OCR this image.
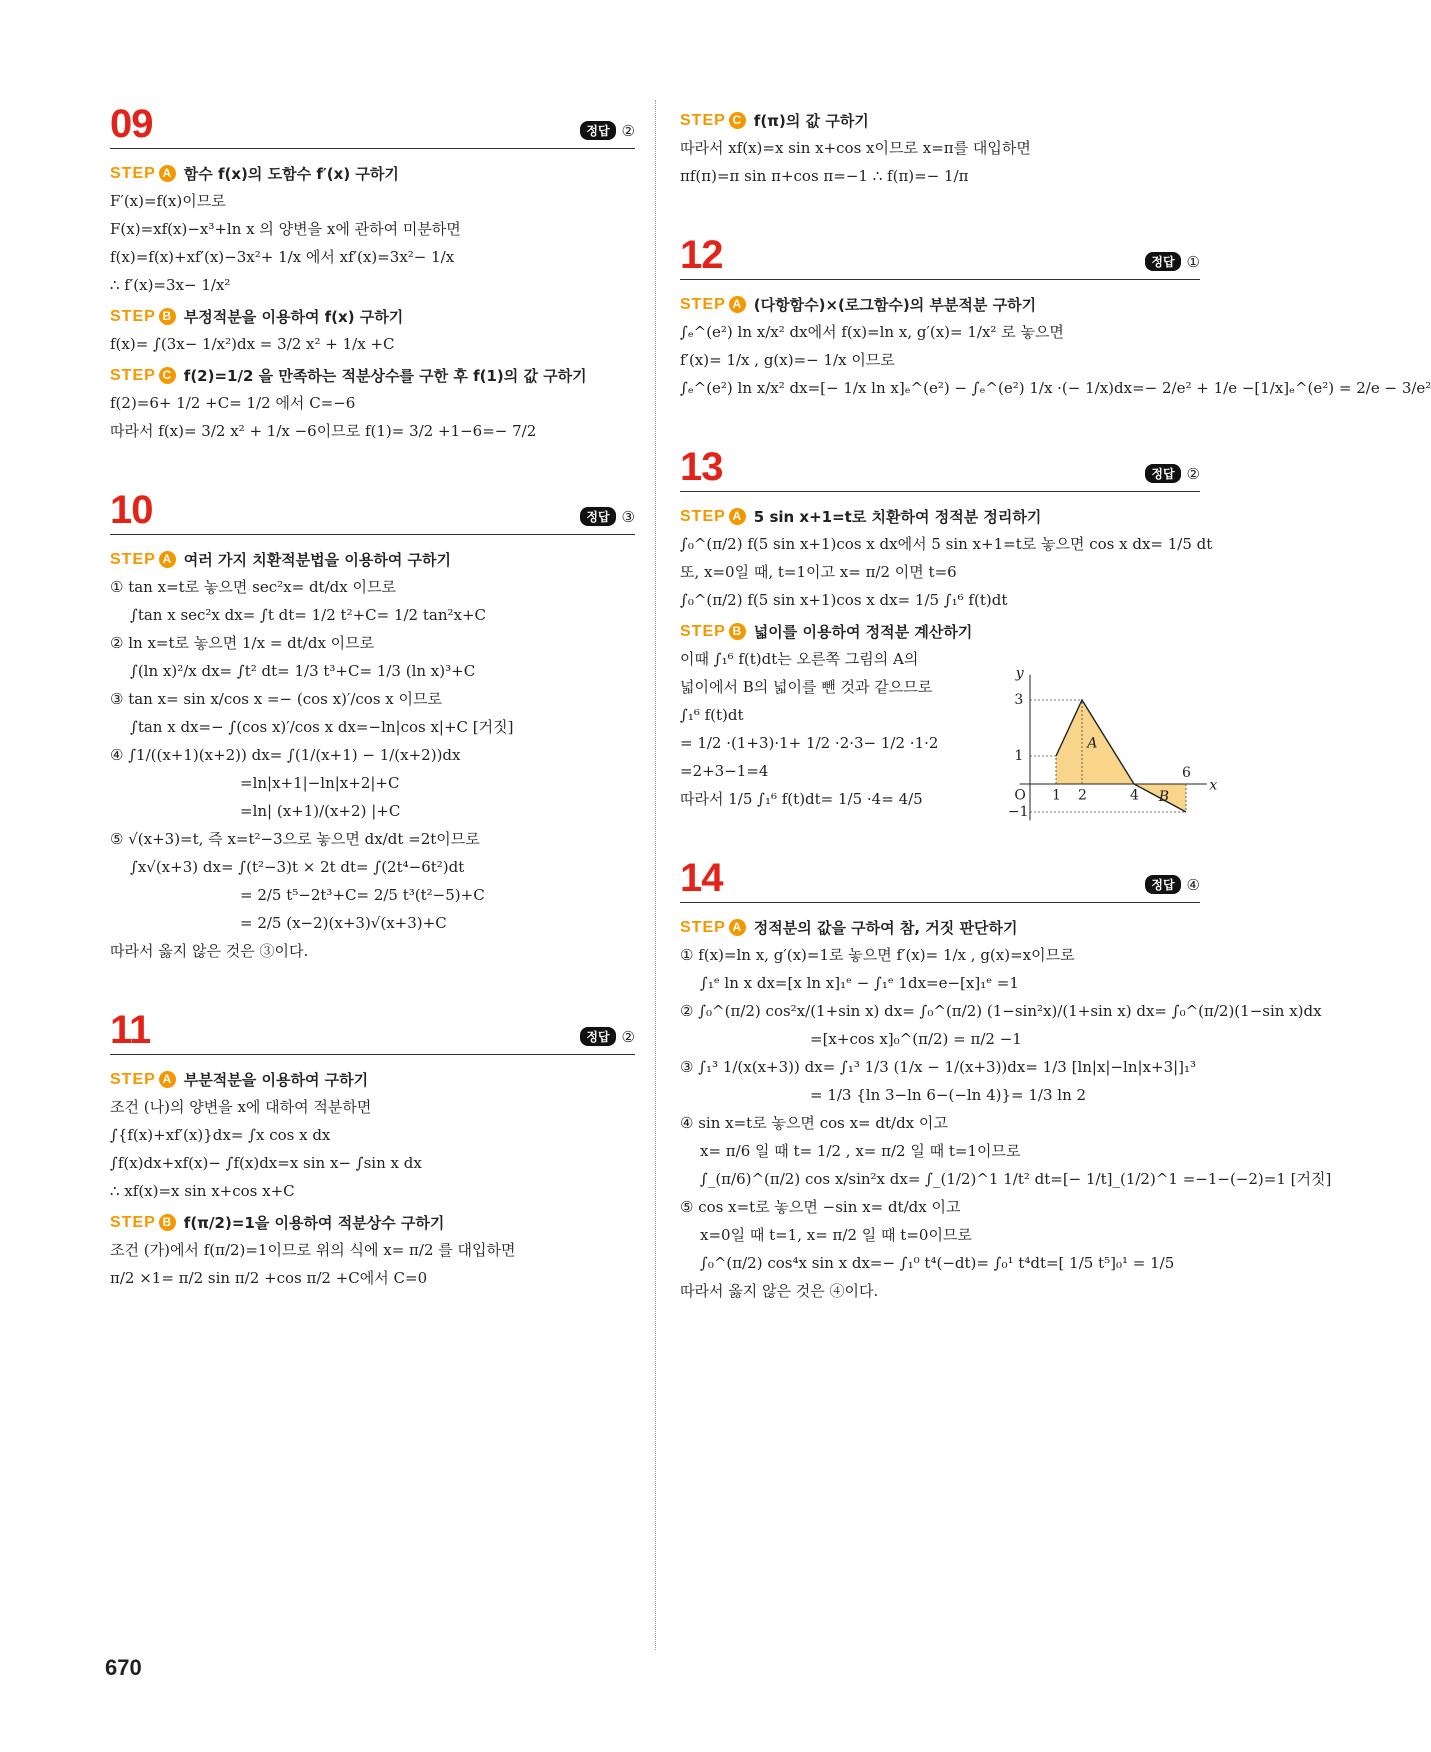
09	정답 ②
STEP A 함수 f(x)의 도함수 f′(x) 구하기
F′(x)=f(x)이므로
F(x)=xf(x)−x³+ln x 의 양변을 x에 관하여 미분하면
f(x)=f(x)+xf′(x)−3x²+ 1/x 에서 xf′(x)=3x²− 1/x
∴ f′(x)=3x− 1/x²
STEP B 부정적분을 이용하여 f(x) 구하기
f(x)= ∫(3x− 1/x²)dx = 3/2 x² + 1/x +C
STEP C f(2)=1/2 을 만족하는 적분상수를 구한 후 f(1)의 값 구하기
f(2)=6+ 1/2 +C= 1/2 에서 C=−6
따라서 f(x)= 3/2 x² + 1/x −6이므로 f(1)= 3/2 +1−6=− 7/2
10	정답 ③
STEP A 여러 가지 치환적분법을 이용하여 구하기
① tan x=t로 놓으면 sec²x= dt/dx 이므로
∫tan x sec²x dx= ∫t dt= 1/2 t²+C= 1/2 tan²x+C
② ln x=t로 놓으면 1/x = dt/dx 이므로
∫(ln x)²/x dx= ∫t² dt= 1/3 t³+C= 1/3 (ln x)³+C
③ tan x= sin x/cos x =− (cos x)′/cos x 이므로
∫tan x dx=− ∫(cos x)′/cos x dx=−ln|cos x|+C [거짓]
④ ∫1/((x+1)(x+2)) dx= ∫(1/(x+1) − 1/(x+2))dx
=ln|x+1|−ln|x+2|+C
=ln| (x+1)/(x+2) |+C
⑤ √(x+3)=t, 즉 x=t²−3으로 놓으면 dx/dt =2t이므로
∫x√(x+3) dx= ∫(t²−3)t × 2t dt= ∫(2t⁴−6t²)dt
= 2/5 t⁵−2t³+C= 2/5 t³(t²−5)+C
= 2/5 (x−2)(x+3)√(x+3)+C
따라서 옳지 않은 것은 ③이다.
11	정답 ②
STEP A 부분적분을 이용하여 구하기
조건 (나)의 양변을 x에 대하여 적분하면
∫{f(x)+xf′(x)}dx= ∫x cos x dx
∫f(x)dx+xf(x)− ∫f(x)dx=x sin x− ∫sin x dx
∴ xf(x)=x sin x+cos x+C
STEP B f(π/2)=1을 이용하여 적분상수 구하기
조건 (가)에서 f(π/2)=1이므로 위의 식에 x= π/2 를 대입하면
π/2 ×1= π/2 sin π/2 +cos π/2 +C에서 C=0
STEP C f(π)의 값 구하기
따라서 xf(x)=x sin x+cos x이므로 x=π를 대입하면
πf(π)=π sin π+cos π=−1 ∴ f(π)=− 1/π
12	정답 ①
STEP A (다항함수)×(로그함수)의 부분적분 구하기
∫ₑ^(e²) ln x/x² dx에서 f(x)=ln x, g′(x)= 1/x² 로 놓으면
f′(x)= 1/x , g(x)=− 1/x 이므로
∫ₑ^(e²) ln x/x² dx=[− 1/x ln x]ₑ^(e²) − ∫ₑ^(e²) 1/x ·(− 1/x)dx=− 2/e² + 1/e −[1/x]ₑ^(e²) = 2/e − 3/e²
13	정답 ②
STEP A 5 sin x+1=t로 치환하여 정적분 정리하기
∫₀^(π/2) f(5 sin x+1)cos x dx에서 5 sin x+1=t로 놓으면 cos x dx= 1/5 dt
또, x=0일 때, t=1이고 x= π/2 이면 t=6
∫₀^(π/2) f(5 sin x+1)cos x dx= 1/5 ∫₁⁶ f(t)dt
STEP B 넓이를 이용하여 정적분 계산하기
y
x
O
A
B
3
1
−1
1 2	4
6
이때 ∫₁⁶ f(t)dt는 오른쪽 그림의 A의
넓이에서 B의 넓이를 뺀 것과 같으므로
∫₁⁶ f(t)dt
= 1/2 ·(1+3)·1+ 1/2 ·2·3− 1/2 ·1·2
=2+3−1=4
따라서 1/5 ∫₁⁶ f(t)dt= 1/5 ·4= 4/5
14	정답 ④
STEP A 정적분의 값을 구하여 참, 거짓 판단하기
① f(x)=ln x, g′(x)=1로 놓으면 f′(x)= 1/x , g(x)=x이므로
∫₁ᵉ ln x dx=[x ln x]₁ᵉ − ∫₁ᵉ 1dx=e−[x]₁ᵉ =1
② ∫₀^(π/2) cos²x/(1+sin x) dx= ∫₀^(π/2) (1−sin²x)/(1+sin x) dx= ∫₀^(π/2)(1−sin x)dx
=[x+cos x]₀^(π/2) = π/2 −1
③ ∫₁³ 1/(x(x+3)) dx= ∫₁³ 1/3 (1/x − 1/(x+3))dx= 1/3 [ln|x|−ln|x+3|]₁³
= 1/3 {ln 3−ln 6−(−ln 4)}= 1/3 ln 2
④ sin x=t로 놓으면 cos x= dt/dx 이고
x= π/6 일 때 t= 1/2 , x= π/2 일 때 t=1이므로
∫_(π/6)^(π/2) cos x/sin²x dx= ∫_(1/2)^1 1/t² dt=[− 1/t]_(1/2)^1 =−1−(−2)=1 [거짓]
⑤ cos x=t로 놓으면 −sin x= dt/dx 이고
x=0일 때 t=1, x= π/2 일 때 t=0이므로
∫₀^(π/2) cos⁴x sin x dx=− ∫₁⁰ t⁴(−dt)= ∫₀¹ t⁴dt=[ 1/5 t⁵]₀¹ = 1/5
따라서 옳지 않은 것은 ④이다.
670
